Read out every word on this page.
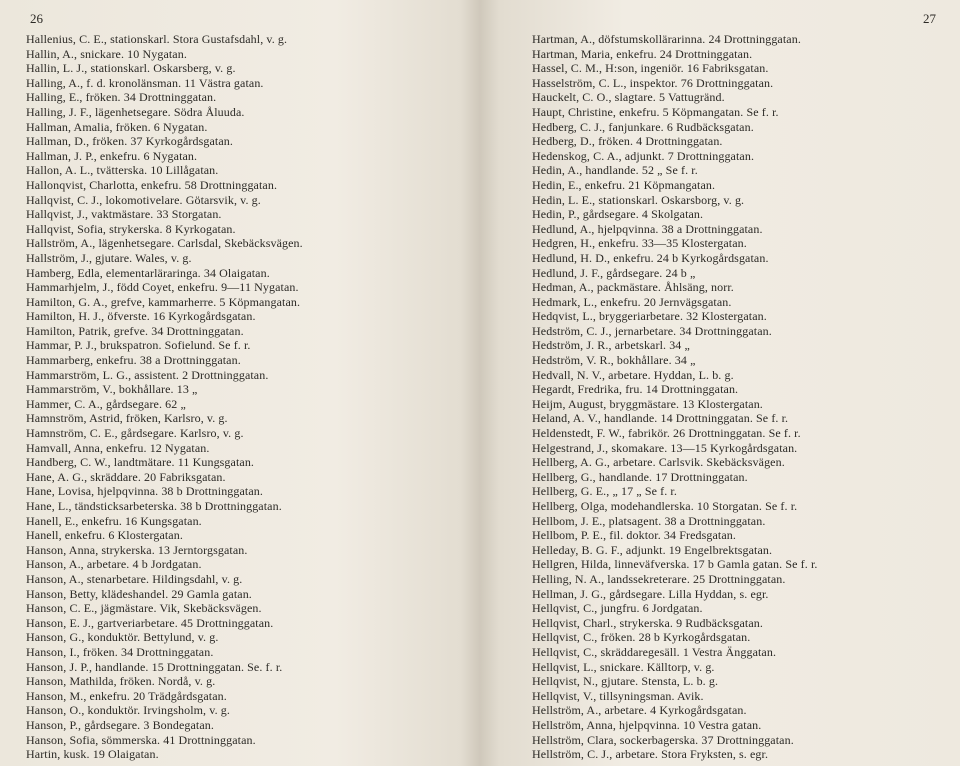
26
Hallenius, C. E., stationskarl. Stora Gustafsdahl, v. g.
Hallin, A., snickare. 10 Nygatan.
Hallin, L. J., stationskarl. Oskarsberg, v. g.
Halling, A., f. d. kronolänsman. 11 Västra gatan.
Halling, E., fröken. 34 Drottninggatan.
Halling, J. F., lägenhetsegare. Södra Åluuda.
Hallman, Amalia, fröken. 6 Nygatan.
Hallman, D., fröken. 37 Kyrkogårdsgatan.
Hallman, J. P., enkefru. 6 Nygatan.
Hallon, A. L., tvätterska. 10 Lillågatan.
Hallonqvist, Charlotta, enkefru. 58 Drottninggatan.
Hallqvist, C. J., lokomotivelare. Götarsvik, v. g.
Hallqvist, J., vaktmästare. 33 Storgatan.
Hallqvist, Sofia, strykerska. 8 Kyrkogatan.
Hallström, A., lägenhetsegare. Carlsdal, Skebäcksvägen.
Hallström, J., gjutare. Wales, v. g.
Hamberg, Edla, elementarläraringa. 34 Olaigatan.
Hammarhjelm, J., född Coyet, enkefru. 9—11 Nygatan.
Hamilton, G. A., grefve, kammarherre. 5 Köpmangatan.
Hamilton, H. J., öfverste. 16 Kyrkogårdsgatan.
Hamilton, Patrik, grefve. 34 Drottninggatan.
Hammar, P. J., brukspatron. Sofielund. Se f. r.
Hammarberg, enkefru. 38 a Drottninggatan.
Hammarström, L. G., assistent. 2 Drottninggatan.
Hammarström, V., bokhållare. 13 „
Hammer, C. A., gårdsegare. 62 „
Hamnström, Astrid, fröken, Karlsro, v. g.
Hamnström, C. E., gårdsegare. Karlsro, v. g.
Hamvall, Anna, enkefru. 12 Nygatan.
Handberg, C. W., landtmätare. 11 Kungsgatan.
Hane, A. G., skräddare. 20 Fabriksgatan.
Hane, Lovisa, hjelpqvinna. 38 b Drottninggatan.
Hane, L., tändsticksarbeterska. 38 b Drottninggatan.
Hanell, E., enkefru. 16 Kungsgatan.
Hanell, enkefru. 6 Klostergatan.
Hanson, Anna, strykerska. 13 Jerntorgsgatan.
Hanson, A., arbetare. 4 b Jordgatan.
Hanson, A., stenarbetare. Hildingsdahl, v. g.
Hanson, Betty, klädeshandel. 29 Gamla gatan.
Hanson, C. E., jägmästare. Vik, Skebäcksvägen.
Hanson, E. J., gartveriarbetare. 45 Drottninggatan.
Hanson, G., konduktör. Bettylund, v. g.
Hanson, I., fröken. 34 Drottninggatan.
Hanson, J. P., handlande. 15 Drottninggatan. Se. f. r.
Hanson, Mathilda, fröken. Nordå, v. g.
Hanson, M., enkefru. 20 Trädgårdsgatan.
Hanson, O., konduktör. Irvingsholm, v. g.
Hanson, P., gårdsegare. 3 Bondegatan.
Hanson, Sofia, sömmerska. 41 Drottninggatan.
Hartin, kusk. 19 Olaigatan.
27
Hartman, A., döfstumskollärarinna. 24 Drottninggatan.
Hartman, Maria, enkefru. 24 Drottninggatan.
Hassel, C. M., H:son, ingeniör. 16 Fabriksgatan.
Hasselström, C. L., inspektor. 76 Drottninggatan.
Hauckelt, C. O., slagtare. 5 Vattugränd.
Haupt, Christine, enkefru. 5 Köpmangatan. Se f. r.
Hedberg, C. J., fanjunkare. 6 Rudbäcksgatan.
Hedberg, D., fröken. 4 Drottninggatan.
Hedenskog, C. A., adjunkt. 7 Drottninggatan.
Hedin, A., handlande. 52 „ Se f. r.
Hedin, E., enkefru. 21 Köpmangatan.
Hedin, L. E., stationskarl. Oskarsborg, v. g.
Hedin, P., gårdsegare. 4 Skolgatan.
Hedlund, A., hjelpqvinna. 38 a Drottninggatan.
Hedgren, H., enkefru. 33—35 Klostergatan.
Hedlund, H. D., enkefru. 24 b Kyrkogårdsgatan.
Hedlund, J. F., gårdsegare. 24 b „
Hedman, A., packmästare. Åhlsäng, norr.
Hedmark, L., enkefru. 20 Jernvägsgatan.
Hedqvist, L., bryggeriarbetare. 32 Klostergatan.
Hedström, C. J., jernarbetare. 34 Drottninggatan.
Hedström, J. R., arbetskarl. 34 „
Hedström, V. R., bokhållare. 34 „
Hedvall, N. V., arbetare. Hyddan, L. b. g.
Hegardt, Fredrika, fru. 14 Drottninggatan.
Heijm, August, bryggmästare. 13 Klostergatan.
Heland, A. V., handlande. 14 Drottninggatan. Se f. r.
Heldenstedt, F. W., fabrikör. 26 Drottninggatan. Se f. r.
Helgestrand, J., skomakare. 13—15 Kyrkogårdsgatan.
Hellberg, A. G., arbetare. Carlsvik. Skebäcksvägen.
Hellberg, G., handlande. 17 Drottninggatan.
Hellberg, G. E., „ 17 „ Se f. r.
Hellberg, Olga, modehandlerska. 10 Storgatan. Se f. r.
Hellbom, J. E., platsagent. 38 a Drottninggatan.
Hellbom, P. E., fil. doktor. 34 Fredsgatan.
Helleday, B. G. F., adjunkt. 19 Engelbrektsgatan.
Hellgren, Hilda, linneväfverska. 17 b Gamla gatan. Se f. r.
Helling, N. A., landssekreterare. 25 Drottninggatan.
Hellman, J. G., gårdsegare. Lilla Hyddan, s. egr.
Hellqvist, C., jungfru. 6 Jordgatan.
Hellqvist, Charl., strykerska. 9 Rudbäcksgatan.
Hellqvist, C., fröken. 28 b Kyrkogårdsgatan.
Hellqvist, C., skräddaregesäll. 1 Vestra Änggatan.
Hellqvist, L., snickare. Källtorp, v. g.
Hellqvist, N., gjutare. Stensta, L. b. g.
Hellqvist, V., tillsyningsman. Avik.
Hellström, A., arbetare. 4 Kyrkogårdsgatan.
Hellström, Anna, hjelpqvinna. 10 Vestra gatan.
Hellström, Clara, sockerbagerska. 37 Drottninggatan.
Hellström, C. J., arbetare. Stora Fryksten, s. egr.
